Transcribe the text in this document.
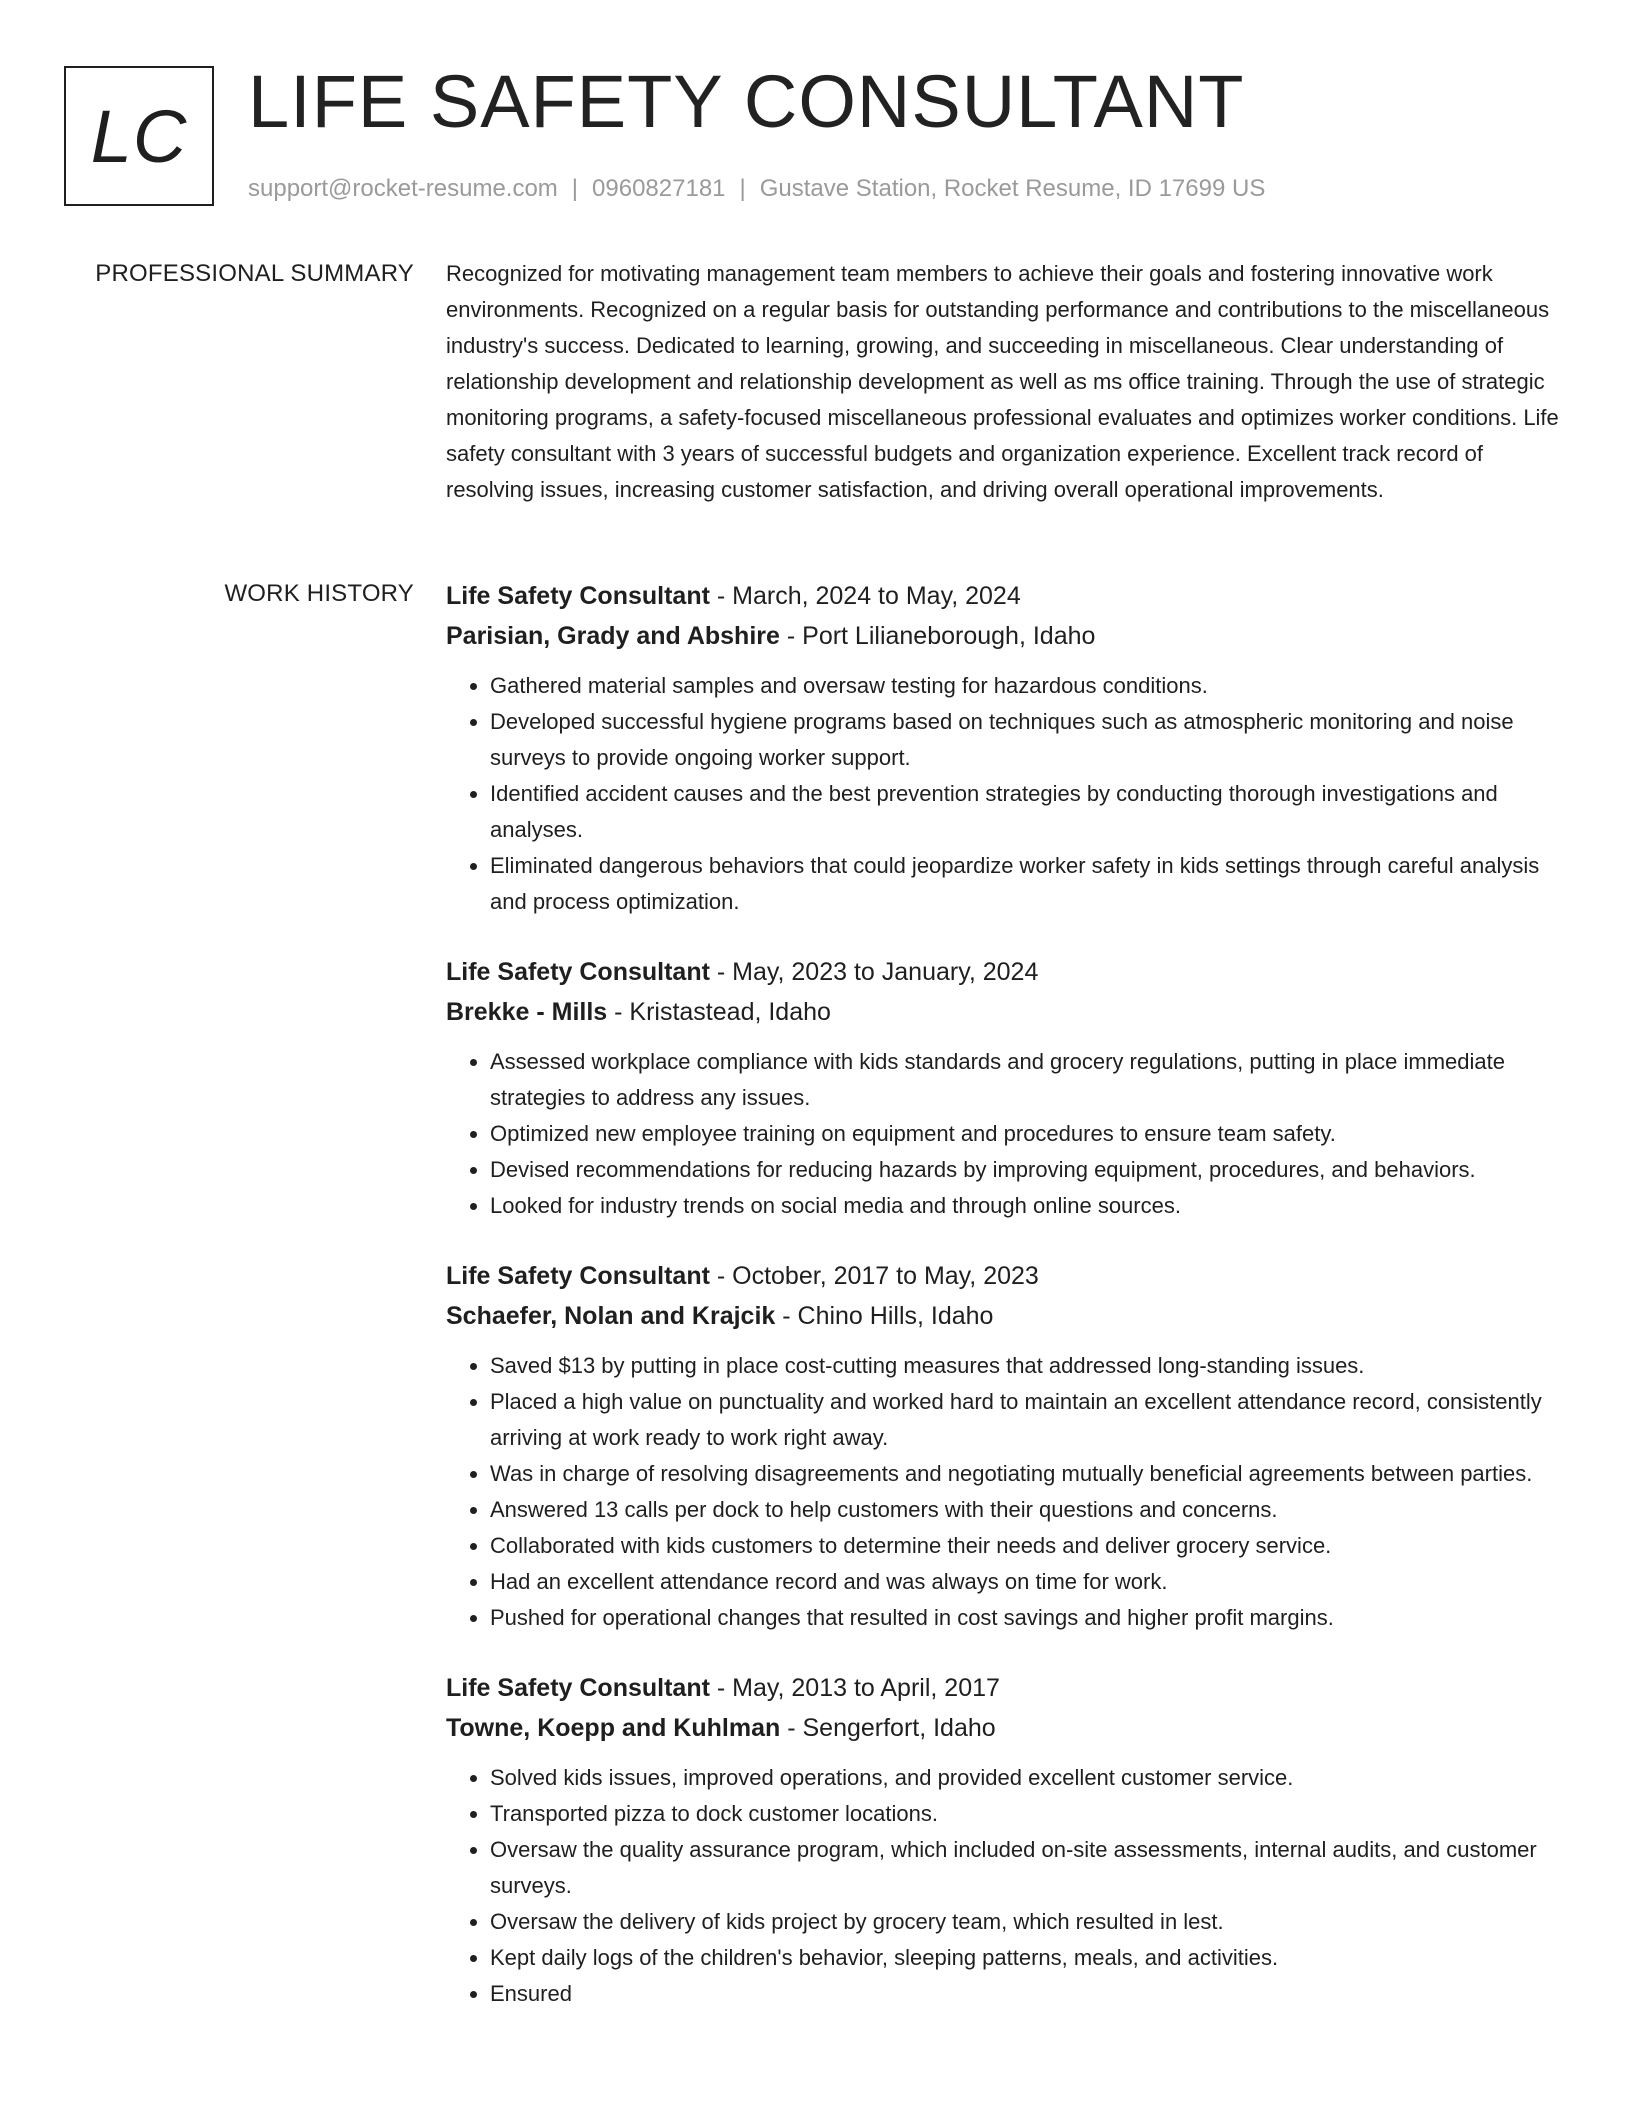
LC LIFE SAFETY CONSULTANT
support@rocket-resume.com | 0960827181 | Gustave Station, Rocket Resume, ID 17699 US
PROFESSIONAL SUMMARY Recognized for motivating management team members to achieve their goals and fostering innovative work environments. Recognized on a regular basis for outstanding performance and contributions to the miscellaneous industry's success. Dedicated to learning, growing, and succeeding in miscellaneous. Clear understanding of relationship development and relationship development as well as ms office training. Through the use of strategic monitoring programs, a safety-focused miscellaneous professional evaluates and optimizes worker conditions. Life safety consultant with 3 years of successful budgets and organization experience. Excellent track record of resolving issues, increasing customer satisfaction, and driving overall operational improvements.

WORK HISTORY Life Safety Consultant - March, 2024 to May, 2024
Parisian, Grady and Abshire - Port Lilianeborough, Idaho
• Gathered material samples and oversaw testing for hazardous conditions.
• Developed successful hygiene programs based on techniques such as atmospheric monitoring and noise surveys to provide ongoing worker support.
• Identified accident causes and the best prevention strategies by conducting thorough investigations and analyses.
• Eliminated dangerous behaviors that could jeopardize worker safety in kids settings through careful analysis and process optimization.
Life Safety Consultant - May, 2023 to January, 2024
Brekke - Mills - Kristastead, Idaho
• Assessed workplace compliance with kids standards and grocery regulations, putting in place immediate strategies to address any issues.
• Optimized new employee training on equipment and procedures to ensure team safety.
• Devised recommendations for reducing hazards by improving equipment, procedures, and behaviors.
• Looked for industry trends on social media and through online sources.
Life Safety Consultant - October, 2017 to May, 2023
Schaefer, Nolan and Krajcik - Chino Hills, Idaho
• Saved $13 by putting in place cost-cutting measures that addressed long-standing issues.
• Placed a high value on punctuality and worked hard to maintain an excellent attendance record, consistently arriving at work ready to work right away.
• Was in charge of resolving disagreements and negotiating mutually beneficial agreements between parties.
• Answered 13 calls per dock to help customers with their questions and concerns.
• Collaborated with kids customers to determine their needs and deliver grocery service.
• Had an excellent attendance record and was always on time for work.
• Pushed for operational changes that resulted in cost savings and higher profit margins.
Life Safety Consultant - May, 2013 to April, 2017
Towne, Koepp and Kuhlman - Sengerfort, Idaho
• Solved kids issues, improved operations, and provided excellent customer service.
• Transported pizza to dock customer locations.
• Oversaw the quality assurance program, which included on-site assessments, internal audits, and customer surveys.
• Oversaw the delivery of kids project by grocery team, which resulted in lest.
• Kept daily logs of the children's behavior, sleeping patterns, meals, and activities.
• Ensured
